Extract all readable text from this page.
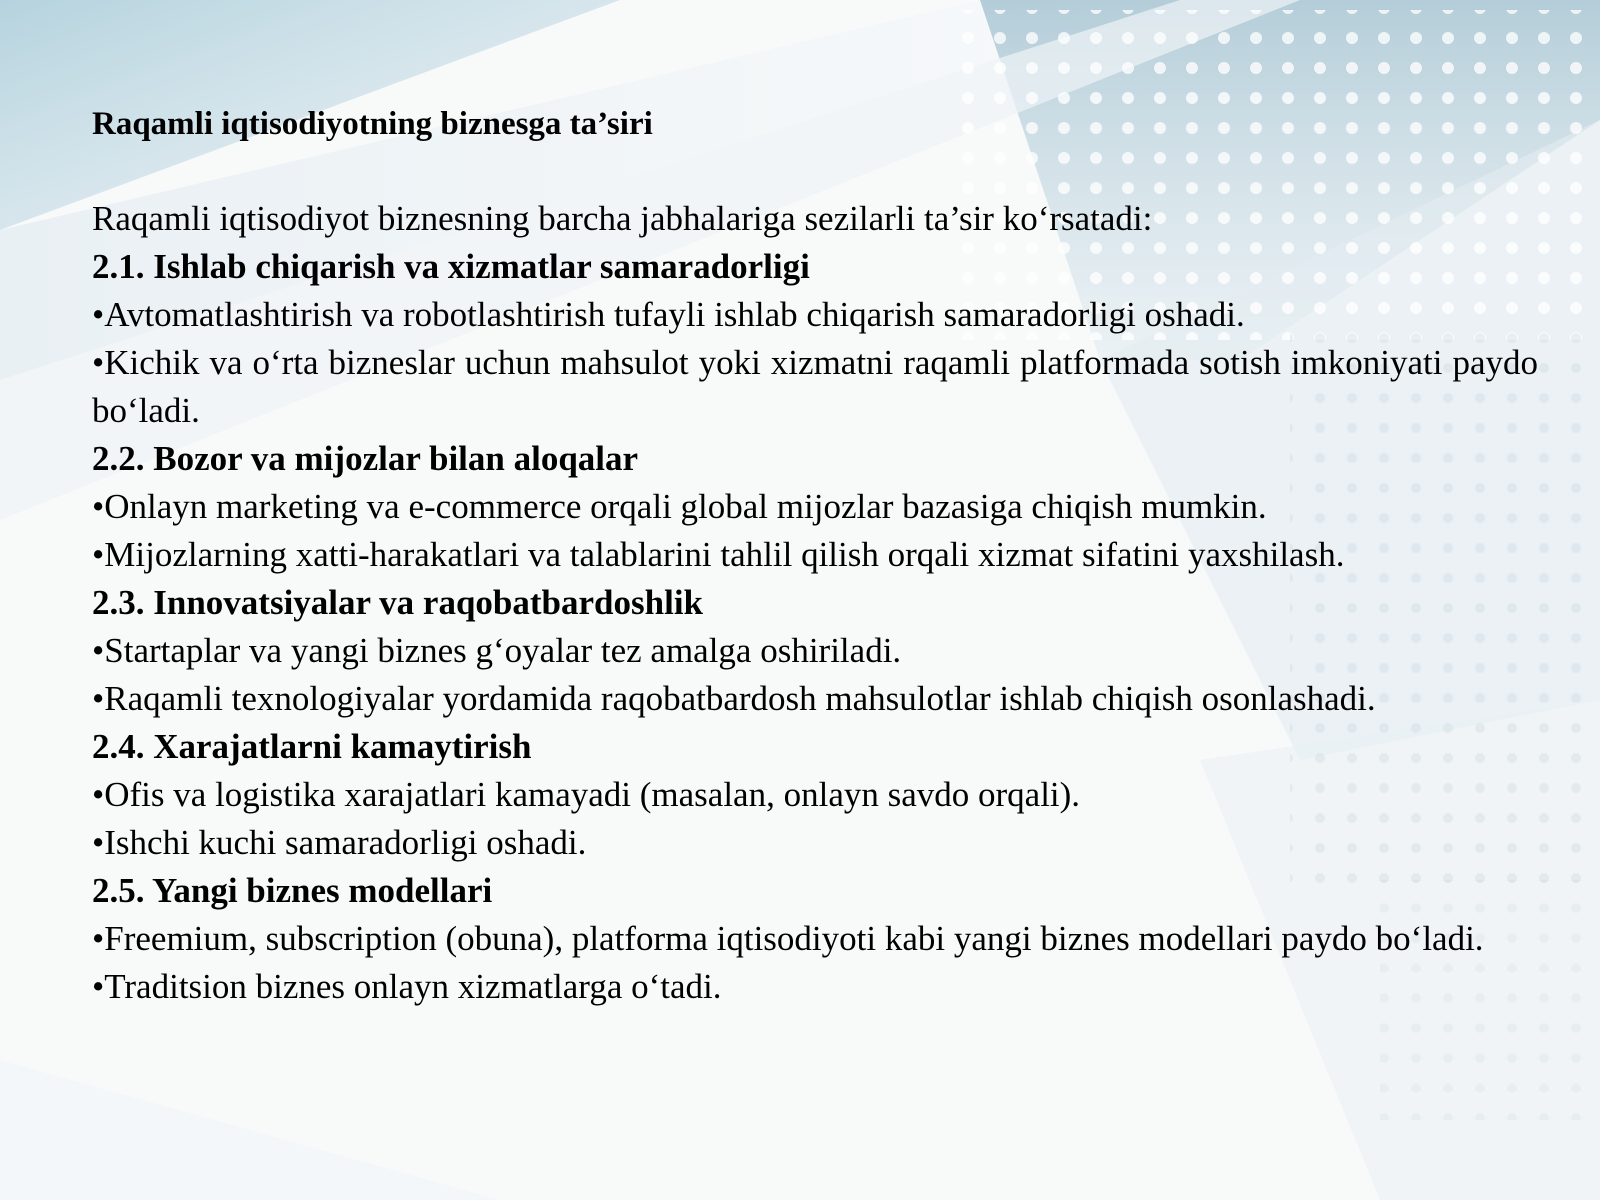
Raqamli iqtisodiyotning biznesga ta’siri

Raqamli iqtisodiyot biznesning barcha jabhalariga sezilarli ta’sir ko‘rsatadi:

2.1. Ishlab chiqarish va xizmatlar samaradorligi

•Avtomatlashtirish va robotlashtirish tufayli ishlab chiqarish samaradorligi oshadi.

•Kichik va o‘rta bizneslar uchun mahsulot yoki xizmatni raqamli platformada sotish imkoniyati paydo bo‘ladi.

2.2. Bozor va mijozlar bilan aloqalar

•Onlayn marketing va e-commerce orqali global mijozlar bazasiga chiqish mumkin.

•Mijozlarning xatti-harakatlari va talablarini tahlil qilish orqali xizmat sifatini yaxshilash.

2.3. Innovatsiyalar va raqobatbardoshlik

•Startaplar va yangi biznes g‘oyalar tez amalga oshiriladi.

•Raqamli texnologiyalar yordamida raqobatbardosh mahsulotlar ishlab chiqish osonlashadi.

2.4. Xarajatlarni kamaytirish

•Ofis va logistika xarajatlari kamayadi (masalan, onlayn savdo orqali).

•Ishchi kuchi samaradorligi oshadi.

2.5. Yangi biznes modellari

•Freemium, subscription (obuna), platforma iqtisodiyoti kabi yangi biznes modellari paydo bo‘ladi.

•Traditsion biznes onlayn xizmatlarga o‘tadi.
